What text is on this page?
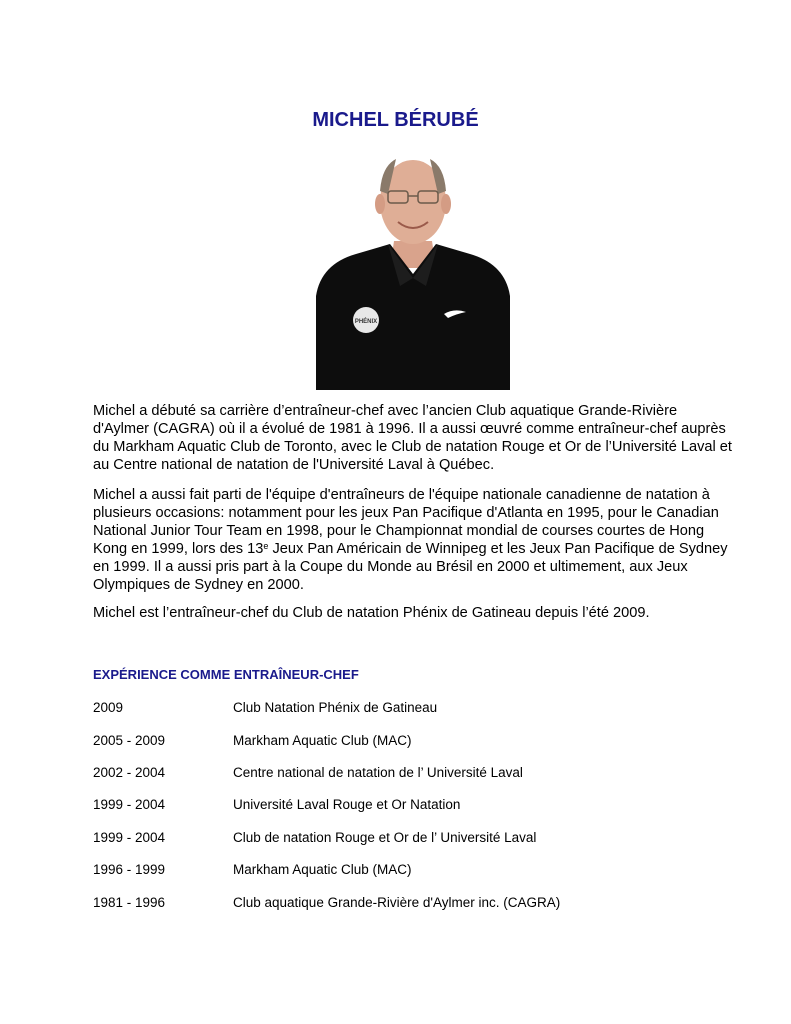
MICHEL BÉRUBÉ
PHÉNIX
Michel a débuté sa carrière d’entraîneur-chef avec l’ancien Club aquatique Grande-Rivière d'Aylmer (CAGRA) où il a évolué de 1981 à 1996. Il a aussi œuvré comme entraîneur-chef auprès du Markham Aquatic Club de Toronto, avec le Club de natation Rouge et Or de l’Université Laval et au Centre national de natation de l'Université Laval à Québec.
Michel a aussi fait parti de l'équipe d'entraîneurs de l'équipe nationale canadienne de natation à plusieurs occasions: notamment pour les jeux Pan Pacifique d'Atlanta en 1995, pour le Canadian National Junior Tour Team en 1998, pour le Championnat mondial de courses courtes de Hong Kong en 1999, lors des 13e Jeux Pan Américain de Winnipeg et les Jeux Pan Pacifique de Sydney en 1999. Il a aussi pris part à la Coupe du Monde au Brésil en 2000 et ultimement, aux Jeux Olympiques de Sydney en 2000.
Michel est l’entraîneur-chef du Club de natation Phénix de Gatineau depuis l’été 2009.
EXPÉRIENCE COMME ENTRAÎNEUR-CHEF
2009	Club Natation Phénix de Gatineau
2005 - 2009	Markham Aquatic Club (MAC)
2002 - 2004	Centre national de natation de l’ Université Laval
1999 - 2004	Université Laval Rouge et Or Natation
1999 - 2004	Club de natation Rouge et Or de l’ Université Laval
1996 - 1999	Markham Aquatic Club (MAC)
1981 - 1996	Club aquatique Grande-Rivière d'Aylmer inc. (CAGRA)
